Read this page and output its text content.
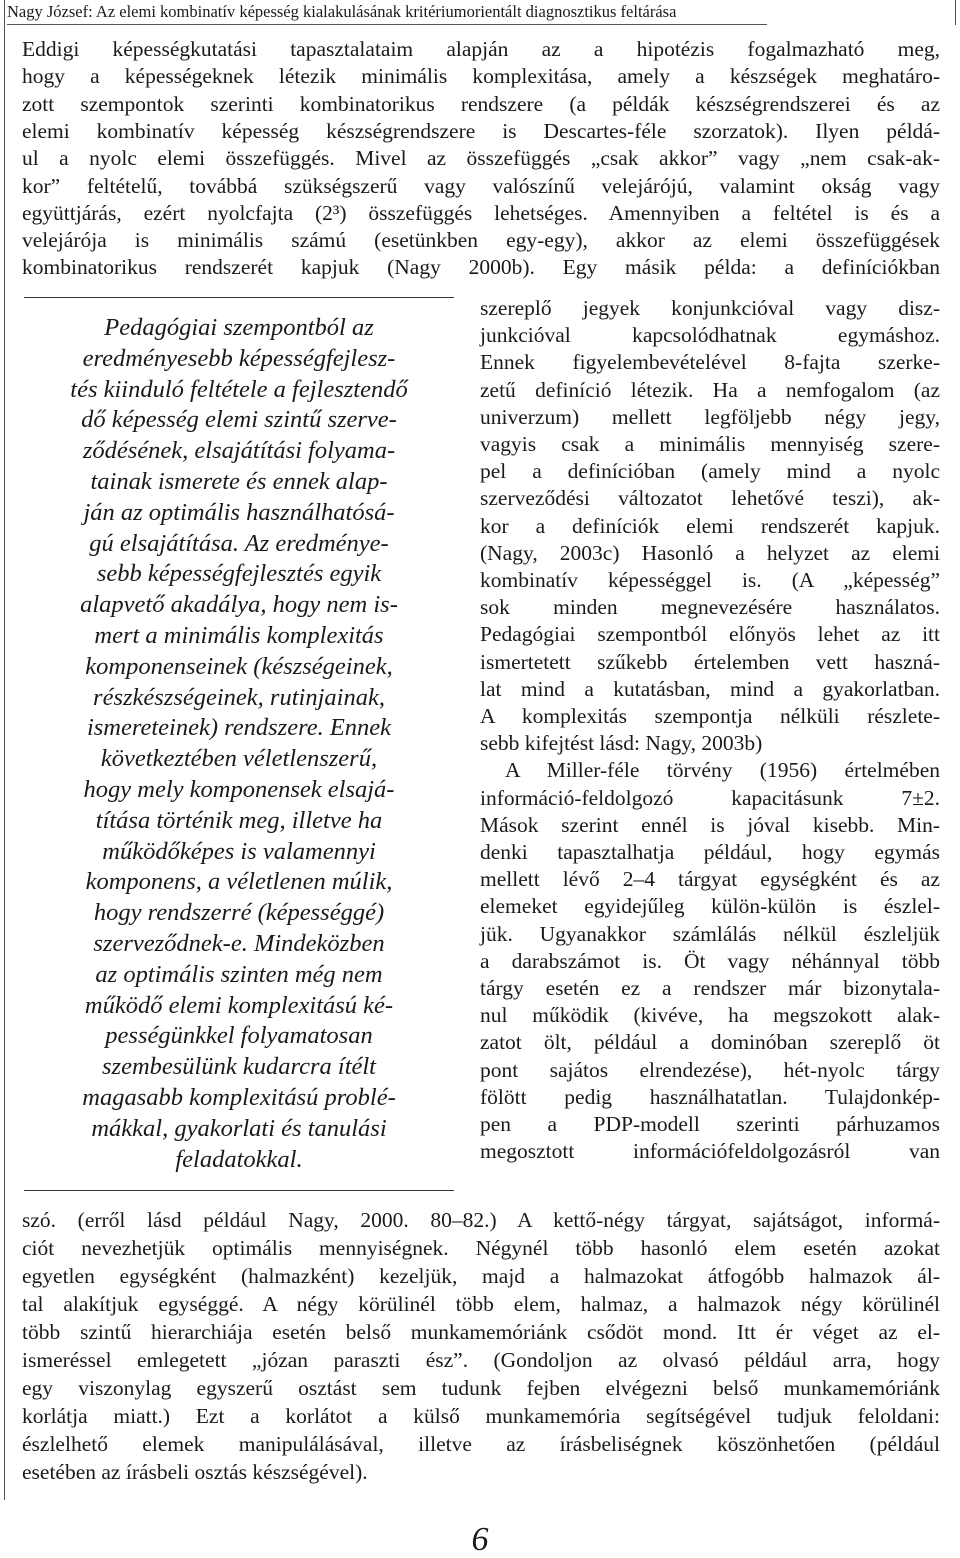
Nagy József: Az elemi kombinatív képesség kialakulásának kritériumorientált diagnosztikus feltárása
Eddigi képességkutatási tapasztalataim alapján az a hipotézis fogalmazható meg,
hogy a képességeknek létezik minimális komplexitása, amely a készségek meghatáro-
zott szempontok szerinti kombinatorikus rendszere (a példák készségrendszerei és az
elemi kombinatív képesség készségrendszere is Descartes-féle szorzatok). Ilyen példá-
ul a nyolc elemi összefüggés. Mivel az összefüggés „csak akkor” vagy „nem csak-ak-
kor” feltételű, továbbá szükségszerű vagy valószínű velejárójú, valamint okság vagy
együttjárás, ezért nyolcfajta (2³) összefüggés lehetséges. Amennyiben a feltétel is és a
velejárója is minimális számú (esetünkben egy-egy), akkor az elemi összefüggések
kombinatorikus rendszerét kapjuk (Nagy 2000b). Egy másik példa: a definíciókban
szereplő jegyek konjunkcióval vagy disz-
junkcióval kapcsolódhatnak egymáshoz.
Ennek figyelembevételével 8-fajta szerke-
zetű definíció létezik. Ha a nemfogalom (az
univerzum) mellett legföljebb négy jegy,
vagyis csak a minimális mennyiség szere-
pel a definícióban (amely mind a nyolc
szerveződési változatot lehetővé teszi), ak-
kor a definíciók elemi rendszerét kapjuk.
(Nagy, 2003c) Hasonló a helyzet az elemi
kombinatív képességgel is. (A „képesség”
sok minden megnevezésére használatos.
Pedagógiai szempontból előnyös lehet az itt
ismertetett szűkebb értelemben vett haszná-
lat mind a kutatásban, mind a gyakorlatban.
A komplexitás szempontja nélküli részlete-
sebb kifejtést lásd: Nagy, 2003b)
A Miller-féle törvény (1956) értelmében
információ-feldolgozó kapacitásunk 7±2.
Mások szerint ennél is jóval kisebb. Min-
denki tapasztalhatja például, hogy egymás
mellett lévő 2–4 tárgyat egységként és az
elemeket egyidejűleg külön-külön is észlel-
jük. Ugyanakkor számlálás nélkül észleljük
a darabszámot is. Öt vagy néhánnyal több
tárgy esetén ez a rendszer már bizonytala-
nul működik (kivéve, ha megszokott alak-
zatot ölt, például a dominóban szereplő öt
pont sajátos elrendezése), hét-nyolc tárgy
fölött pedig használhatatlan. Tulajdonkép-
pen a PDP-modell szerinti párhuzamos
megosztott információfeldolgozásról van
Pedagógiai szempontból az
eredményesebb képességfejlesz-
tés kiinduló feltétele a fejlesztendő
dő képesség elemi szintű szerve-
ződésének, elsajátítási folyama-
tainak ismerete és ennek alap-
ján az optimális használhatósá-
gú elsajátítása. Az eredménye-
sebb képességfejlesztés egyik
alapvető akadálya, hogy nem is-
mert a minimális komplexitás
komponenseinek (készségeinek,
részkészségeinek, rutinjainak,
ismereteinek) rendszere. Ennek
következtében véletlenszerű,
hogy mely komponensek elsajá-
títása történik meg, illetve ha
működőképes is valamennyi
komponens, a véletlenen múlik,
hogy rendszerré (képességgé)
szerveződnek-e. Mindeközben
az optimális szinten még nem
működő elemi komplexitású ké-
pességünkkel folyamatosan
szembesülünk kudarcra ítélt
magasabb komplexitású problé-
mákkal, gyakorlati és tanulási
feladatokkal.
szó. (erről lásd például Nagy, 2000. 80–82.) A kettő-négy tárgyat, sajátságot, informá-
ciót nevezhetjük optimális mennyiségnek. Négynél több hasonló elem esetén azokat
egyetlen egységként (halmazként) kezeljük, majd a halmazokat átfogóbb halmazok ál-
tal alakítjuk egységgé. A négy körülinél több elem, halmaz, a halmazok négy körülinél
több szintű hierarchiája esetén belső munkamemóriánk csődöt mond. Itt ér véget az el-
ismeréssel emlegetett „józan paraszti ész”. (Gondoljon az olvasó például arra, hogy
egy viszonylag egyszerű osztást sem tudunk fejben elvégezni belső munkamemóriánk
korlátja miatt.) Ezt a korlátot a külső munkamemória segítségével tudjuk feloldani:
észlelhető elemek manipulálásával, illetve az írásbeliségnek köszönhetően (például
esetében az írásbeli osztás készségével).
6
